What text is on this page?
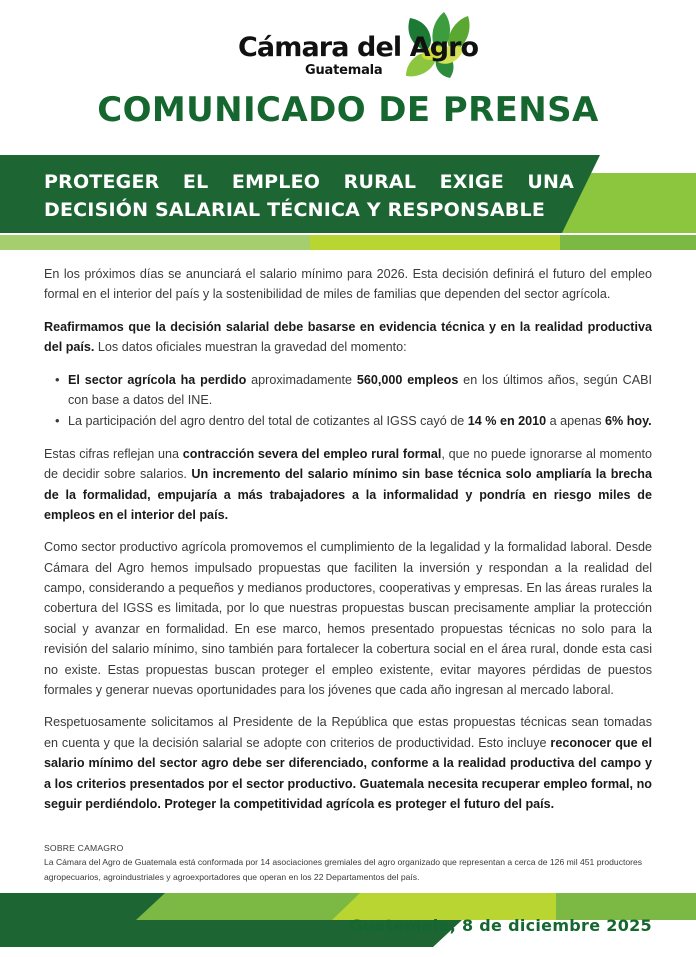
Cámara del Agro
Guatemala
COMUNICADO DE PRENSA
PROTEGER EL EMPLEO RURAL EXIGE UNA
DECISIÓN SALARIAL TÉCNICA Y RESPONSABLE

En los próximos días se anunciará el salario mínimo para 2026. Esta decisión definirá el futuro del empleo formal en el interior del país y la sostenibilidad de miles de familias que dependen del sector agrícola.

Reafirmamos que la decisión salarial debe basarse en evidencia técnica y en la realidad productiva del país. Los datos oficiales muestran la gravedad del momento:

• El sector agrícola ha perdido aproximadamente 560,000 empleos en los últimos años, según CABI con base a datos del INE.
• La participación del agro dentro del total de cotizantes al IGSS cayó de 14 % en 2010 a apenas 6% hoy.

Estas cifras reflejan una contracción severa del empleo rural formal, que no puede ignorarse al momento de decidir sobre salarios. Un incremento del salario mínimo sin base técnica solo ampliaría la brecha de la formalidad, empujaría a más trabajadores a la informalidad y pondría en riesgo miles de empleos en el interior del país.

Como sector productivo agrícola promovemos el cumplimiento de la legalidad y la formalidad laboral. Desde Cámara del Agro hemos impulsado propuestas que faciliten la inversión y respondan a la realidad del campo, considerando a pequeños y medianos productores, cooperativas y empresas. En las áreas rurales la cobertura del IGSS es limitada, por lo que nuestras propuestas buscan precisamente ampliar la protección social y avanzar en formalidad. En ese marco, hemos presentado propuestas técnicas no solo para la revisión del salario mínimo, sino también para fortalecer la cobertura social en el área rural, donde esta casi no existe. Estas propuestas buscan proteger el empleo existente, evitar mayores pérdidas de puestos formales y generar nuevas oportunidades para los jóvenes que cada año ingresan al mercado laboral.

Respetuosamente solicitamos al Presidente de la República que estas propuestas técnicas sean tomadas en cuenta y que la decisión salarial se adopte con criterios de productividad. Esto incluye reconocer que el salario mínimo del sector agro debe ser diferenciado, conforme a la realidad productiva del campo y a los criterios presentados por el sector productivo. Guatemala necesita recuperar empleo formal, no seguir perdiéndolo. Proteger la competitividad agrícola es proteger el futuro del país.

SOBRE CAMAGRO
La Cámara del Agro de Guatemala está conformada por 14 asociaciones gremiales del agro organizado que representan a cerca de 126 mil 451 productores agropecuarios, agroindustriales y agroexportadores que operan en los 22 Departamentos del país.
Guatemala, 8 de diciembre 2025
